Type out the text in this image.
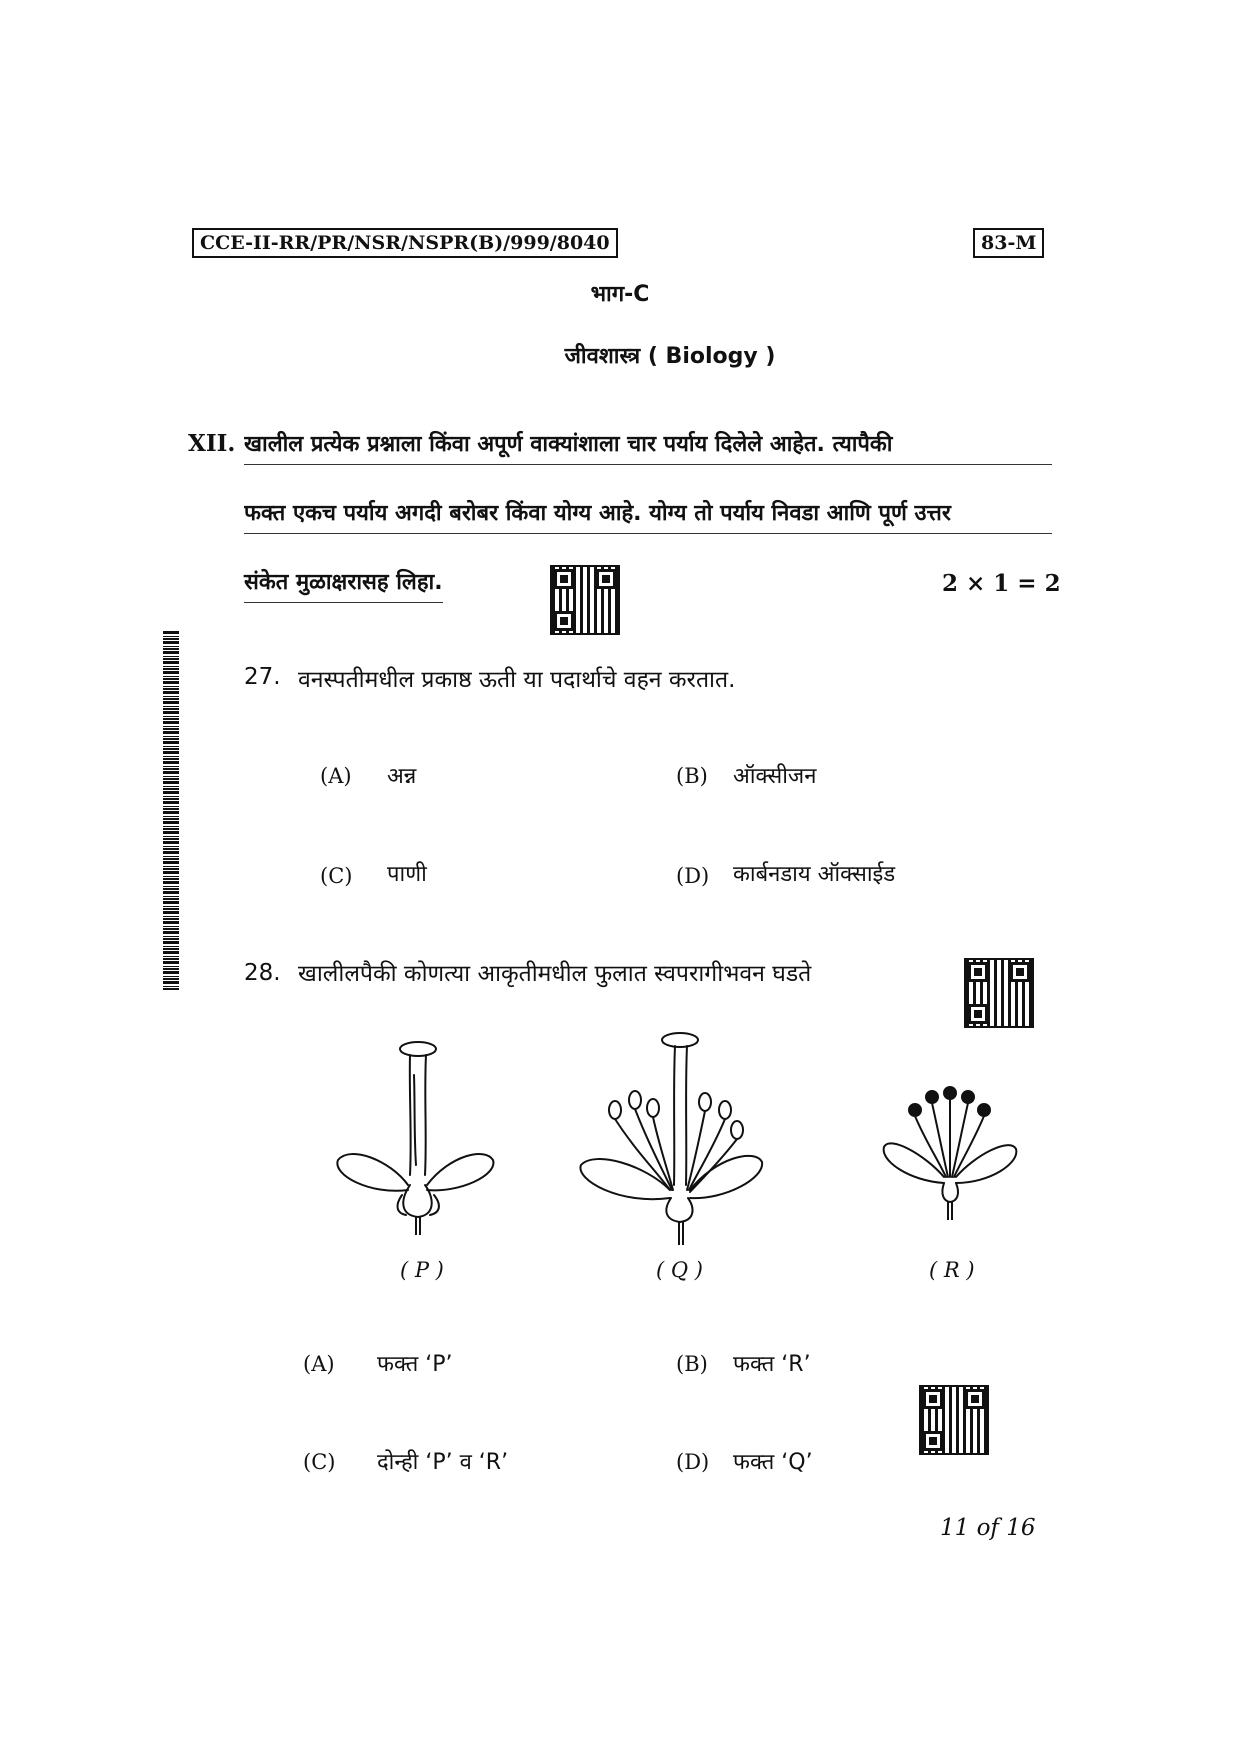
CCE-II-RR/PR/NSR/NSPR(B)/999/8040	83-M
भाग-C
जीवशास्त्र ( Biology )
XII. खालील प्रत्येक प्रश्नाला किंवा अपूर्ण वाक्यांशाला चार पर्याय दिलेले आहेत. त्यापैकी
फक्त एकच पर्याय अगदी बरोबर किंवा योग्य आहे. योग्य तो पर्याय निवडा आणि पूर्ण उत्तर
संकेत मुळाक्षरासह लिहा.	2 × 1 = 2
27. वनस्पतीमधील प्रकाष्ठ ऊती या पदार्थाचे वहन करतात.
(A) अन्न	(B) ऑक्सीजन
(C) पाणी	(D) कार्बनडाय ऑक्साईड
28. खालीलपैकी कोणत्या आकृतीमधील फुलात स्वपरागीभवन घडते
( P )	( Q )	( R )
(A) फक्त ‘P’	(B) फक्त ‘R’
(C) दोन्ही ‘P’ व ‘R’	(D) फक्त ‘Q’
11 of 16
